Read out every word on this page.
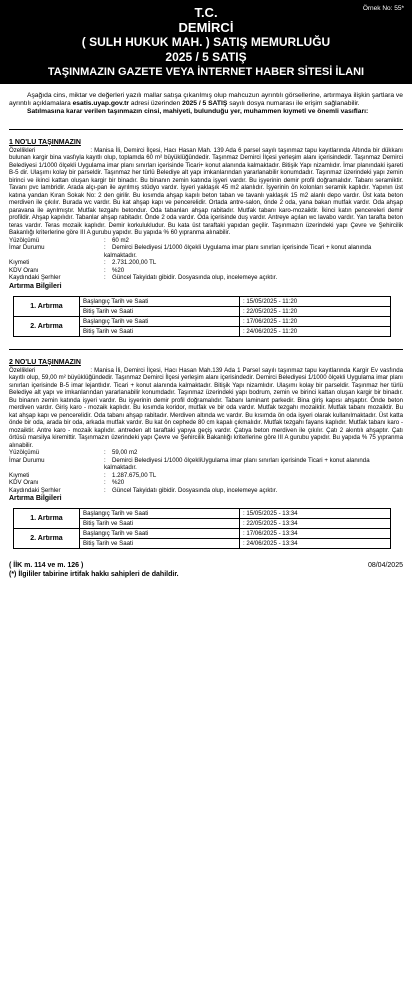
Örnek No: 55*
T.C.
DEMİRCİ
( SULH HUKUK MAH. ) SATIŞ MEMURLUĞU
2025 / 5 SATIŞ
TAŞINMAZIN GAZETE VEYA İNTERNET HABER SİTESİ İLANI

Aşağıda cins, miktar ve değerleri yazılı mallar satışa çıkarılmış olup mahcuzun ayrıntılı görsellerine, artırmaya ilişkin şartlara ve ayrıntılı açıklamalara esatis.uyap.gov.tr adresi üzerinden 2025 / 5 SATIŞ sayılı dosya numarası ile erişim sağlanabilir.

Satılmasına karar verilen taşınmazın cinsi, mahiyeti, bulunduğu yer, muhammen kıymeti ve önemli vasıfları:

1 NO'LU TAŞINMAZIN
Özellikleri	: Manisa İli, Demirci İlçesi, Hacı Hasan Mah. 139 Ada 6 parsel sayılı taşınmaz tapu kayıtlarında Altında bir dükkanı bulunan kargir bina vasfıyla kayıtlı olup, toplamda 60 m² büyüklüğündedir. Taşınmaz Demirci İlçesi yerleşim alanı içerisindedir. Taşınmaz Demirci Belediyesi 1/1000 ölçekli Uygulama imar planı sınırları içerisinde Ticari+ konut alanında kalmaktadır. Bitişik Yapı nizamlıdır. İmar planındaki işareti B-5 dir. Ulaşımı kolay bir parseldir. Taşınmaz her türlü Belediye alt yapı imkanlarından yararlanabilir konumdadır. Taşınmaz üzerindeki yapı zemin birinci ve ikinci kattan oluşan kargir bir binadır. Bu binanın zemin katında işyeri vardır. Bu işyerinin demir profil doğramalıdır. Tabanı seramiktir. Tavanı pvc lambridir. Arada alçı-pan ile ayrılmış stüdyo vardır. İşyeri yaklaşık 45 m2 alanlıdır. İşyerinin ön kolonları seramik kaplıdır. Yapının üst katına yandan Kıran Sokak No: 2 den girilir. Bu kısımda ahşap kapılı beton taban ve tavanlı yaklaşık 15 m2 alanlı depo vardır. Üst kata beton merdiven ile çıkılır. Burada wc vardır. Bu kat ahşap kapı ve pencerelidir. Ortada antre-salon, önde 2 oda, yana bakan mutfak vardır. Oda ahşap paravana ile ayrılmıştır. Mutfak tezgahı betondur. Oda tabanları ahşap rabitadır. Mutfak tabanı karo-mozaiktir. İkinci katın pencereleri demir profildir. Ahşap kapılıdır. Tabanlar ahşap rabitadır. Önde 2 oda vardır. Oda içerisinde duş vardır. Antreye açılan wc lavabo vardır. Yan tarafta beton teras vardır. Teras mozaik kaplıdır. Demir korkulukludur. Bu kata üst taraftaki yapıdan geçilir. Taşınmazın üzerindeki yapı Çevre ve Şehircilik Bakanlığı kriterlerine göre III A gurubu yapıdır. Bu yapıda % 60 yıpranma alınabilir.
Yüzölçümü	: 60 m2
İmar Durumu	: Demirci Belediyesi 1/1000 ölçekli Uygulama imar planı sınırları içerisinde Ticari + konut alanında kalmaktadır.
Kıymeti	: 2.731.200,00 TL
KDV Oranı	: %20
Kaydındaki Şerhler	: Güncel Takyidatı gibidir. Dosyasında olup, incelemeye açıktır.
Artırma Bilgileri
1. Artırma	Başlangıç Tarih ve Saati	: 15/05/2025 - 11:20
	Bitiş Tarih ve Saati	: 22/05/2025 - 11:20
2. Artırma	Başlangıç Tarih ve Saati	: 17/06/2025 - 11:20
	Bitiş Tarih ve Saati	: 24/06/2025 - 11:20
2 NO'LU TAŞINMAZIN
Özellikleri	: Manisa İli, Demirci İlçesi, Hacı Hasan Mah.139 Ada 1 Parsel sayılı taşınmaz tapu kayıtlarında Kargir Ev vasfında kayıtlı olup, 59,00 m² büyüklüğündedir. Taşınmaz Demirci İlçesi yerleşim alanı içerisindedir. Demirci Belediyesi 1/1000 ölçekli Uygulama imar planı sınırları içerisinde B-5 imar lejantlıdır. Ticari + konut alanında kalmaktadır. Bitişik Yapı nizamlıdır. Ulaşımı kolay bir parseldir. Taşınmaz her türlü Belediye alt yapı ve imkanlarından yararlanabilir konumdadır. Taşınmaz üzerindeki yapı bodrum, zemin ve birinci kattan oluşan kargir bir binadır. Bu binanın zemin katında işyeri vardır. Bu işyerinin demir profil doğramalıdır. Tabanı laminant parkedir. Bina giriş kapısı ahşaptır. Önde beton merdiven vardır. Giriş karo - mozaik kaplıdır. Bu kısımda koridor, mutfak ve bir oda vardır. Mutfak tezgahı mozaiktir. Mutfak tabanı mozaiktir. Bu kat ahşap kapı ve pencerelidir. Oda tabanı ahşap rabitadır. Merdiven altında wc vardır. Bu kısımda ön oda işyeri olarak kullanılmaktadır. Üst katta önde bir oda, arada bir oda, arkada mutfak vardır. Bu kat ön cephede 80 cm kapalı çıkmalıdır. Mutfak tezgahı fayans kaplıdır. Mutfak tabanı karo - mozaiktir. Antre karo - mozaik kaplıdır. antreden alt taraftaki yapıya geçiş vardır. Çatıya beton merdiven ile çıkılır. Çatı 2 akıntılı ahşaptır. Çatı örtüsü marsilya kiremittir. Taşınmazın üzerindeki yapı Çevre ve Şehircilik Bakanlığı kriterlerine göre III A gurubu yapıdır. Bu yapıda % 75 yıpranma alınabilir.
Yüzölçümü	: 59,00 m2
İmar Durumu	: Demirci Belediyesi 1/1000 ölçekliUygulama imar planı sınırları içerisinde Ticari + konut alanında kalmaktadır.
Kıymeti	: 1.287.675,00 TL
KDV Oranı	: %20
Kaydındaki Şerhler	: Güncel Takyidatı gibidir. Dosyasında olup, incelemeye açıktır.
Artırma Bilgileri
1. Artırma	Başlangıç Tarih ve Saati	: 15/05/2025 - 13:34
	Bitiş Tarih ve Saati	: 22/05/2025 - 13:34
2. Artırma	Başlangıç Tarih ve Saati	: 17/06/2025 - 13:34
	Bitiş Tarih ve Saati	: 24/06/2025 - 13:34
( İİK m. 114 ve m. 126 )	08/04/2025
(*) İlgililer tabirine irtifak hakkı sahipleri de dahildir.
